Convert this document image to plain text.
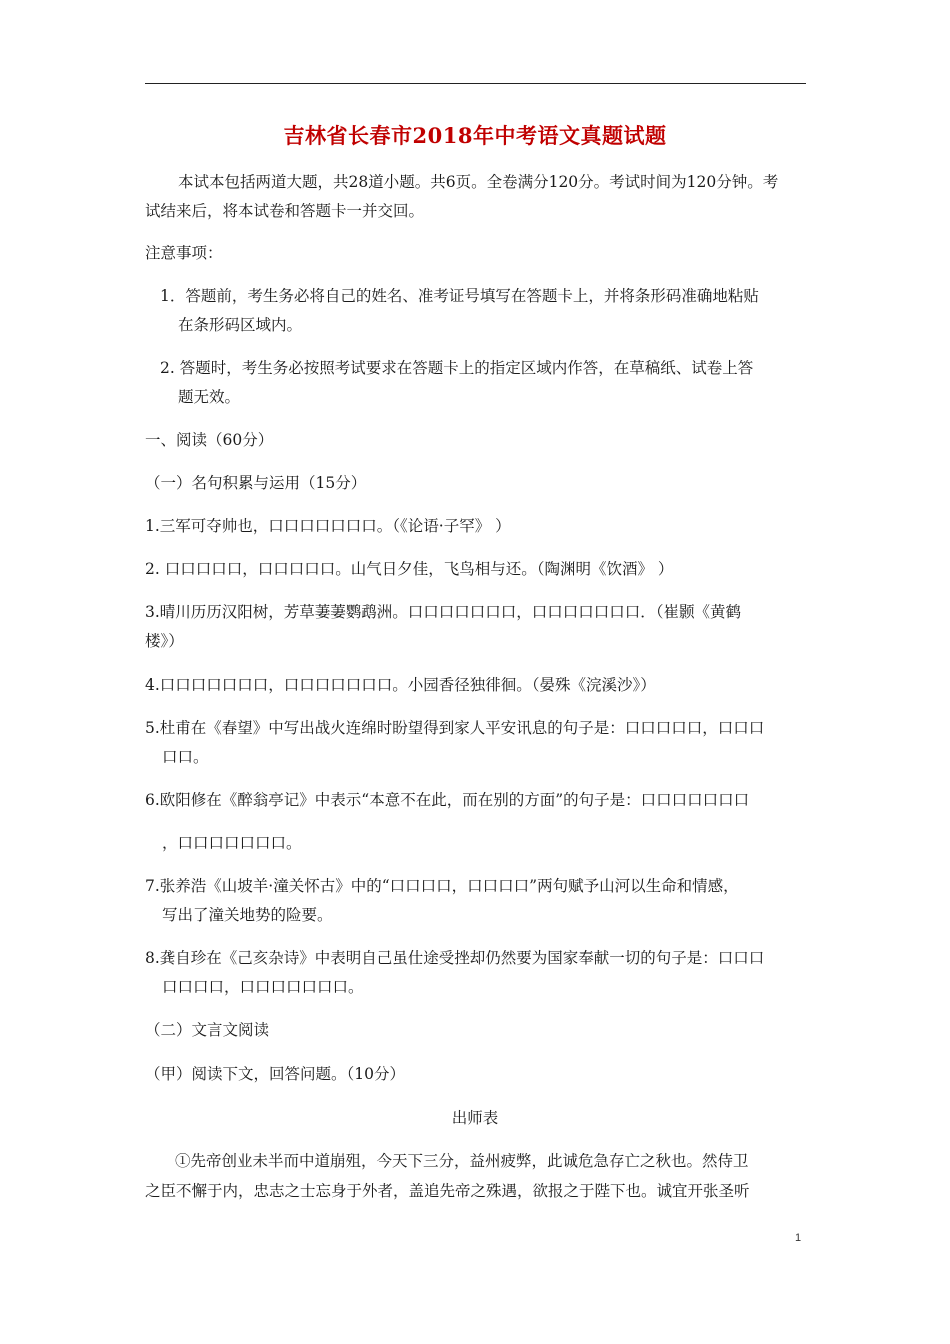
吉林省长春市2018年中考语文真题试题
本试本包括两道大题，共28道小题。共6页。全卷满分120分。考试时间为120分钟。考
试结来后，将本试卷和答题卡一并交回。
注意事项：
1．答题前，考生务必将自己的姓名、准考证号填写在答题卡上，并将条形码准确地粘贴
在条形码区域内。
2. 答题时，考生务必按照考试要求在答题卡上的指定区域内作答，在草稿纸、试卷上答
题无效。
一、阅读（60分）
（一）名句积累与运用（15分）
1.三军可夺帅也，口口口口口口口。（《论语·子罕》 ）
2. 口口口口口，口口口口口。山气日夕佳，飞鸟相与还。（陶渊明《饮酒》 ）
3.晴川历历汉阳树，芳草萋萋鹦鹉洲。口口口口口口口，口口口口口口口．（崔颢《黄鹤
楼》）
4.口口口口口口口，口口口口口口口。小园香径独徘徊。（晏殊《浣溪沙》）
5.杜甫在《春望》中写出战火连绵时盼望得到家人平安讯息的句子是：口口口口口，口口口
口口。
6.欧阳修在《醉翁亭记》中表示“本意不在此，而在别的方面”的句子是：口口口口口口口
，口口口口口口口。
7.张养浩《山坡羊·潼关怀古》中的“口口口口，口口口口”两句赋予山河以生命和情感，
写出了潼关地势的险要。
8.龚自珍在《己亥杂诗》中表明自己虽仕途受挫却仍然要为国家奉献一切的句子是：口口口
口口口口，口口口口口口口。
（二）文言文阅读
（甲）阅读下文，回答问题。（10分）
出师表
①先帝创业未半而中道崩殂，今天下三分，益州疲弊，此诚危急存亡之秋也。然侍卫
之臣不懈于内，忠志之士忘身于外者，盖追先帝之殊遇，欲报之于陛下也。诚宜开张圣听
1
